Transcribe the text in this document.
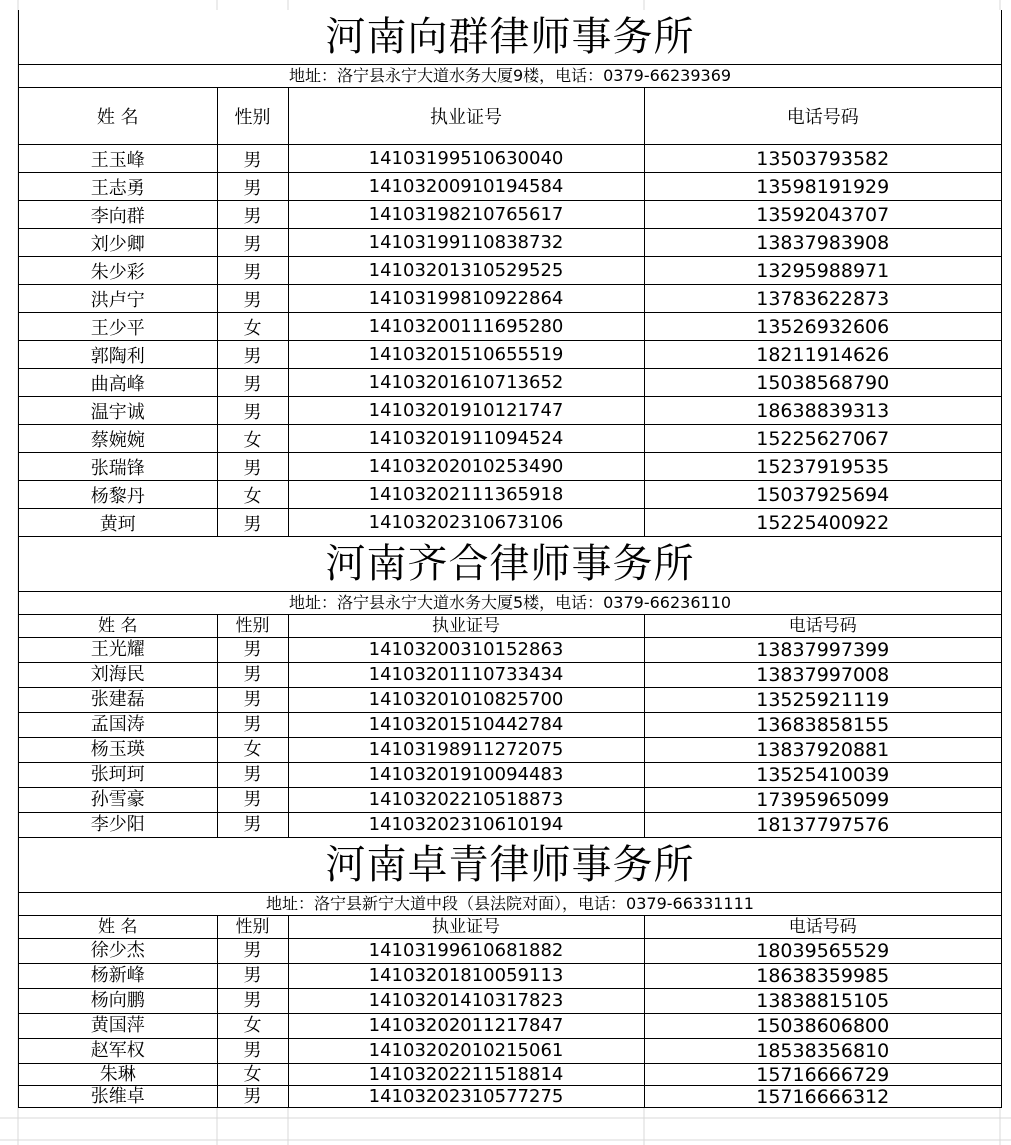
河南向群律师事务所
地址：洛宁县永宁大道水务大厦9楼，电话：0379-66239369
姓 名	性别	执业证号	电话号码
王玉峰	男	14103199510630040	13503793582
王志勇	男	14103200910194584	13598191929
李向群	男	14103198210765617	13592043707
刘少卿	男	14103199110838732	13837983908
朱少彩	男	14103201310529525	13295988971
洪卢宁	男	14103199810922864	13783622873
王少平	女	14103200111695280	13526932606
郭陶利	男	14103201510655519	18211914626
曲高峰	男	14103201610713652	15038568790
温宇诚	男	14103201910121747	18638839313
蔡婉婉	女	14103201911094524	15225627067
张瑞锋	男	14103202010253490	15237919535
杨黎丹	女	14103202111365918	15037925694
黄珂	男	14103202310673106	15225400922
河南齐合律师事务所
地址：洛宁县永宁大道水务大厦5楼，电话：0379-66236110
姓 名	性别	执业证号	电话号码
王光耀	男	14103200310152863	13837997399
刘海民	男	14103201110733434	13837997008
张建磊	男	14103201010825700	13525921119
孟国涛	男	14103201510442784	13683858155
杨玉瑛	女	14103198911272075	13837920881
张珂珂	男	14103201910094483	13525410039
孙雪豪	男	14103202210518873	17395965099
李少阳	男	14103202310610194	18137797576
河南卓青律师事务所
地址：洛宁县新宁大道中段（县法院对面），电话：0379-66331111
姓 名	性别	执业证号	电话号码
徐少杰	男	14103199610681882	18039565529
杨新峰	男	14103201810059113	18638359985
杨向鹏	男	14103201410317823	13838815105
黄国萍	女	14103202011217847	15038606800
赵军权	男	14103202010215061	18538356810
朱琳	女	14103202211518814	15716666729
张维卓	男	14103202310577275	15716666312
